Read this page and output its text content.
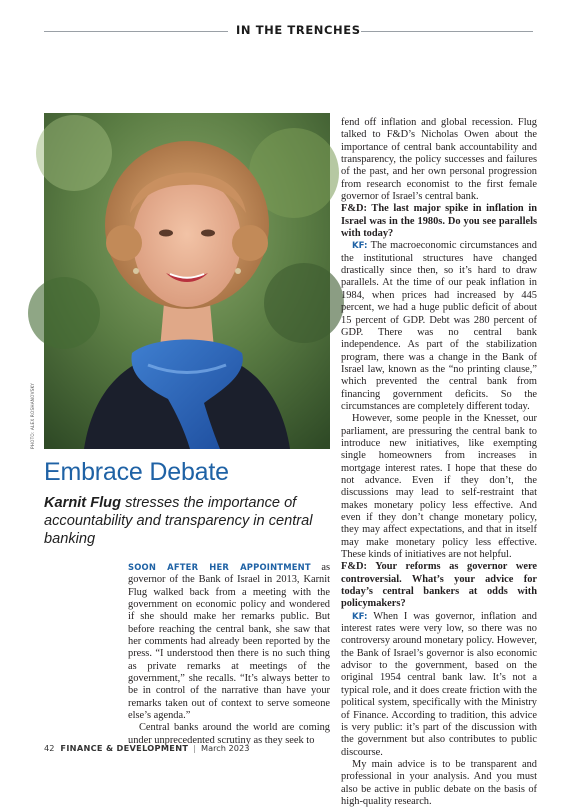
IN THE TRENCHES
PHOTO: ALEX ROSHANOVSKY
Embrace Debate
Karnit Flug stresses the importance of accountability and transparency in central banking

SOON AFTER HER APPOINTMENT as governor of the Bank of Israel in 2013, Karnit Flug walked back from a meeting with the government on economic policy and wondered if she should make her remarks public. But before reaching the central bank, she saw that her comments had already been reported by the press. “I understood then there is no such thing as private remarks at meetings of the government,” she recalls. “It’s always better to be in control of the narrative than have your remarks taken out of context to serve someone else’s agenda.”

Central banks around the world are coming under unprecedented scrutiny as they seek to

fend off inflation and global recession. Flug talked to F&D’s Nicholas Owen about the importance of central bank accountability and transparency, the policy successes and failures of the past, and her own personal progression from research economist to the first female governor of Israel’s central bank.

F&D: The last major spike in inflation in Israel was in the 1980s. Do you see parallels with today?

KF: The macroeconomic circumstances and the institutional structures have changed drastically since then, so it’s hard to draw parallels. At the time of our peak inflation in 1984, when prices had increased by 445 percent, we had a huge public deficit of about 15 percent of GDP. Debt was 280 percent of GDP. There was no central bank independence. As part of the stabilization program, there was a change in the Bank of Israel law, known as the “no printing clause,” which prevented the central bank from financing government deficits. So the circumstances are completely different today.

However, some people in the Knesset, our parliament, are pressuring the central bank to introduce new initiatives, like exempting single homeowners from increases in mortgage interest rates. I hope that these do not advance. Even if they don’t, the discussions may lead to self-restraint that makes monetary policy less effective. And even if they don’t change monetary policy, they may affect expectations, and that in itself may make monetary policy less effective. These kinds of initiatives are not helpful.

F&D: Your reforms as governor were controversial. What’s your advice for today’s central bankers at odds with policymakers?

KF: When I was governor, inflation and interest rates were very low, so there was no controversy around monetary policy. However, the Bank of Israel’s governor is also economic advisor to the government, based on the original 1954 central bank law. It’s not a typical role, and it does create friction with the political system, specifically with the Ministry of Finance. According to tradition, this advice is very public: it’s part of the discussion with the government but also contributes to public discourse.

My main advice is to be transparent and professional in your analysis. And you must also be active in public debate on the basis of high-quality research.

42 FINANCE & DEVELOPMENT | March 2023
